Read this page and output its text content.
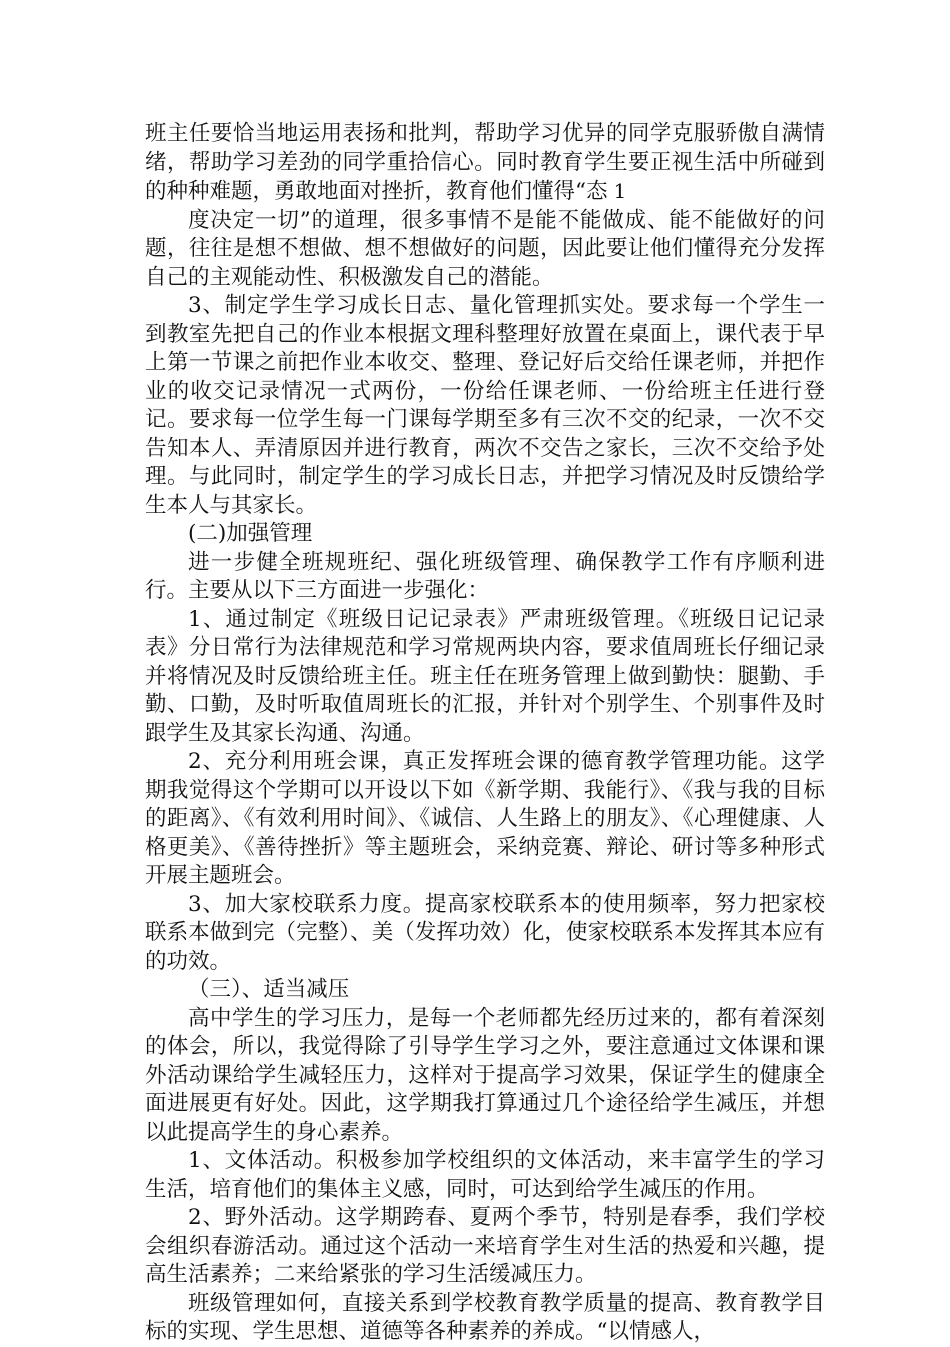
班主任要恰当地运用表扬和批判，帮助学习优异的同学克服骄傲自满情绪，帮助学习差劲的同学重拾信心。同时教育学生要正视生活中所碰到的种种难题，勇敢地面对挫折，教育他们懂得“态 1

度决定一切”的道理，很多事情不是能不能做成、能不能做好的问题，往往是想不想做、想不想做好的问题，因此要让他们懂得充分发挥自己的主观能动性、积极激发自己的潜能。

3、制定学生学习成长日志、量化管理抓实处。要求每一个学生一到教室先把自己的作业本根据文理科整理好放置在桌面上，课代表于早上第一节课之前把作业本收交、整理、登记好后交给任课老师，并把作业的收交记录情况一式两份，一份给任课老师、一份给班主任进行登记。要求每一位学生每一门课每学期至多有三次不交的纪录，一次不交告知本人、弄清原因并进行教育，两次不交告之家长，三次不交给予处理。与此同时，制定学生的学习成长日志，并把学习情况及时反馈给学生本人与其家长。

(二)加强管理

进一步健全班规班纪、强化班级管理、确保教学工作有序顺利进行。主要从以下三方面进一步强化：

1、通过制定《班级日记记录表》严肃班级管理。《班级日记记录表》分日常行为法律规范和学习常规两块内容，要求值周班长仔细记录并将情况及时反馈给班主任。班主任在班务管理上做到勤快：腿勤、手勤、口勤，及时听取值周班长的汇报，并针对个别学生、个别事件及时跟学生及其家长沟通、沟通。

2、充分利用班会课，真正发挥班会课的德育教学管理功能。这学期我觉得这个学期可以开设以下如《新学期、我能行》、《我与我的目标的距离》、《有效利用时间》、《诚信、人生路上的朋友》、《心理健康、人格更美》、《善待挫折》等主题班会，采纳竞赛、辩论、研讨等多种形式开展主题班会。

3、加大家校联系力度。提高家校联系本的使用频率，努力把家校联系本做到完（完整）、美（发挥功效）化，使家校联系本发挥其本应有的功效。

（三）、适当减压

高中学生的学习压力，是每一个老师都先经历过来的，都有着深刻的体会，所以，我觉得除了引导学生学习之外，要注意通过文体课和课外活动课给学生减轻压力，这样对于提高学习效果，保证学生的健康全面进展更有好处。因此，这学期我打算通过几个途径给学生减压，并想以此提高学生的身心素养。

1、文体活动。积极参加学校组织的文体活动，来丰富学生的学习生活，培育他们的集体主义感，同时，可达到给学生减压的作用。

2、野外活动。这学期跨春、夏两个季节，特别是春季，我们学校会组织春游活动。通过这个活动一来培育学生对生活的热爱和兴趣，提高生活素养；二来给紧张的学习生活缓减压力。

班级管理如何，直接关系到学校教育教学质量的提高、教育教学目标的实现、学生思想、道德等各种素养的养成。“以情感人，
